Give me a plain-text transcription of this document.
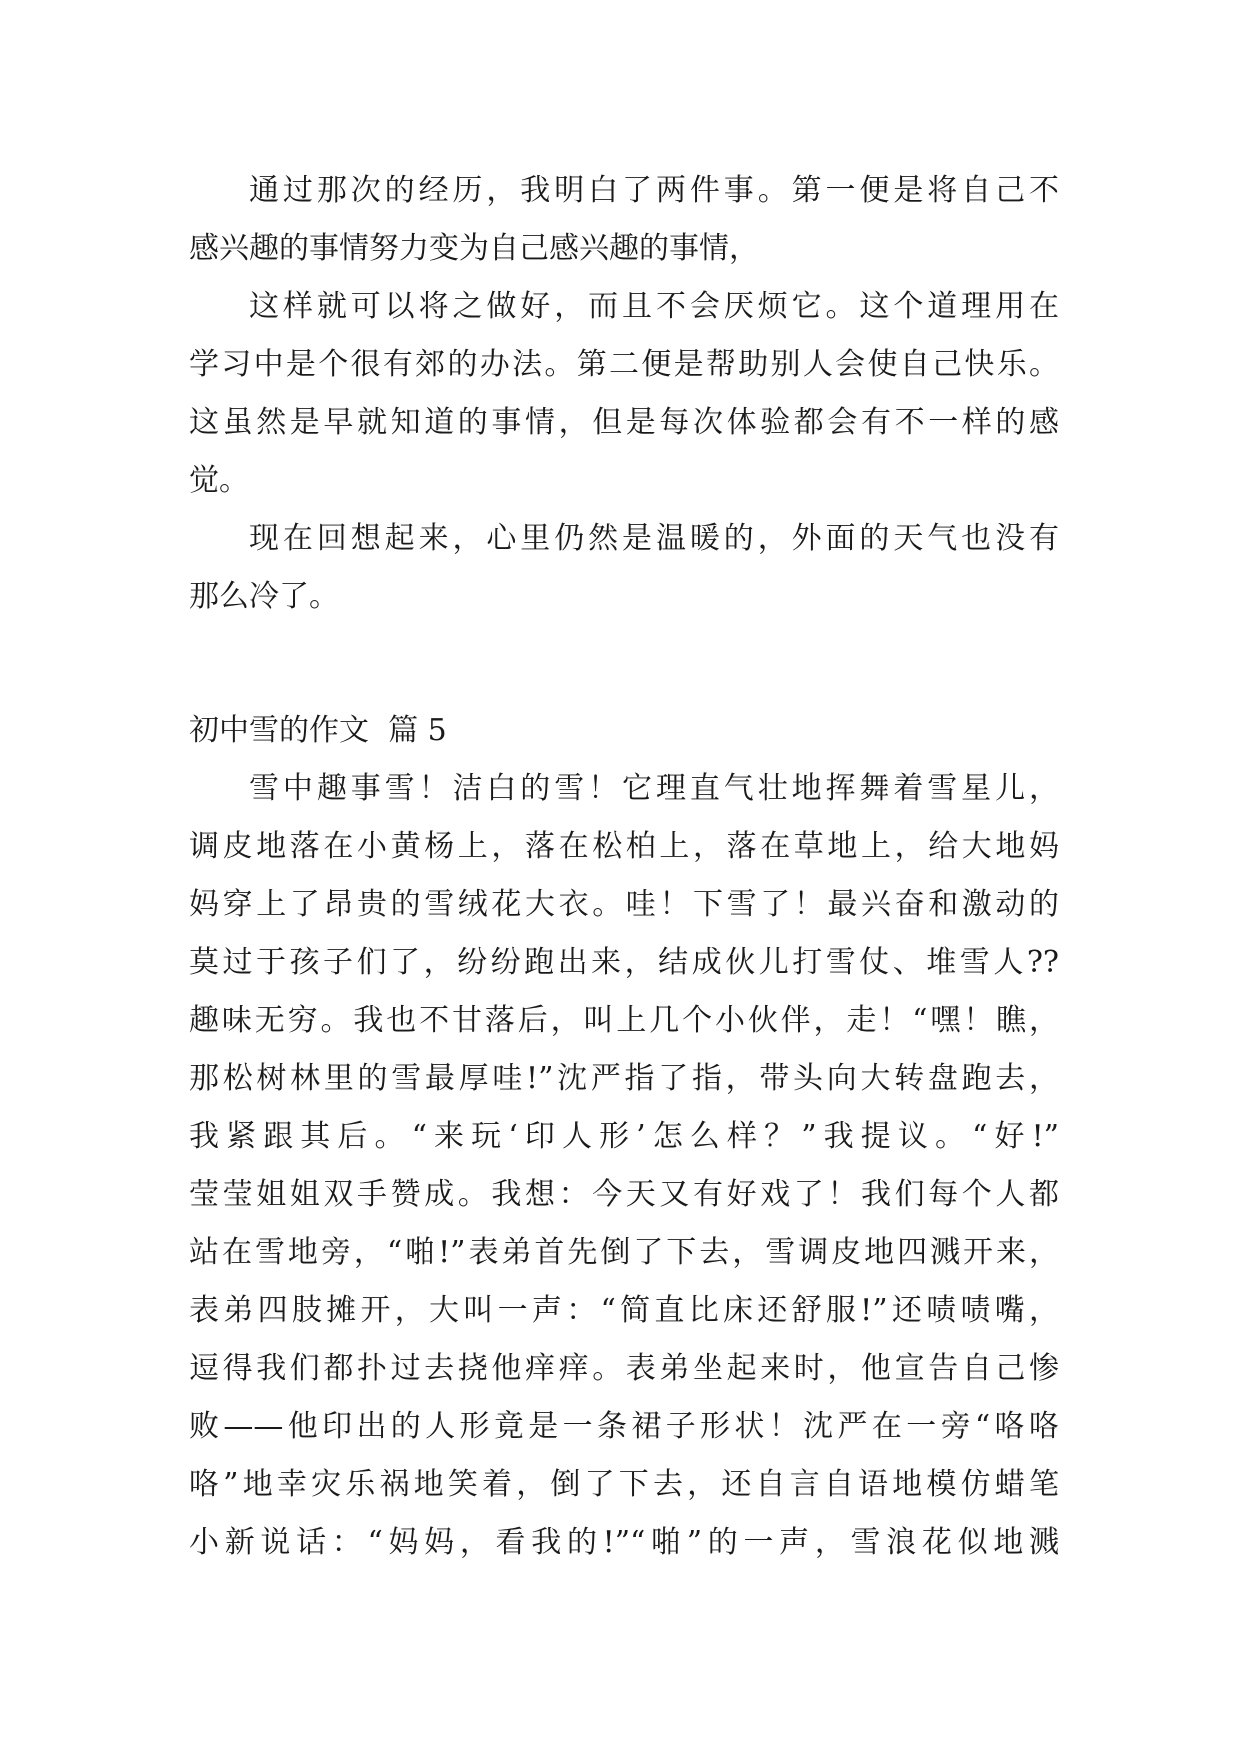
通过那次的经历，我明白了两件事。第一便是将自己不
感兴趣的事情努力变为自己感兴趣的事情，
这样就可以将之做好，而且不会厌烦它。这个道理用在
学习中是个很有郊的办法。第二便是帮助别人会使自己快乐。
这虽然是早就知道的事情，但是每次体验都会有不一样的感
觉。
现在回想起来，心里仍然是温暖的，外面的天气也没有
那么冷了。
初中雪的作文  篇 5
雪中趣事雪！洁白的雪！它理直气壮地挥舞着雪星儿，
调皮地落在小黄杨上，落在松柏上，落在草地上，给大地妈
妈穿上了昂贵的雪绒花大衣。哇！下雪了！最兴奋和激动的
莫过于孩子们了，纷纷跑出来，结成伙儿打雪仗、堆雪人??
趣味无穷。我也不甘落后，叫上几个小伙伴，走！“嘿！瞧，
那松树林里的雪最厚哇!”沈严指了指，带头向大转盘跑去，
我紧跟其后。“来玩‘印人形’怎么样？”我提议。“好!”
莹莹姐姐双手赞成。我想：今天又有好戏了！我们每个人都
站在雪地旁，“啪!”表弟首先倒了下去，雪调皮地四溅开来，
表弟四肢摊开，大叫一声：“简直比床还舒服!”还啧啧嘴，
逗得我们都扑过去挠他痒痒。表弟坐起来时，他宣告自己惨
败——他印出的人形竟是一条裙子形状！沈严在一旁“咯咯
咯”地幸灾乐祸地笑着，倒了下去，还自言自语地模仿蜡笔
小新说话：“妈妈，看我的!”“啪”的一声，雪浪花似地溅
